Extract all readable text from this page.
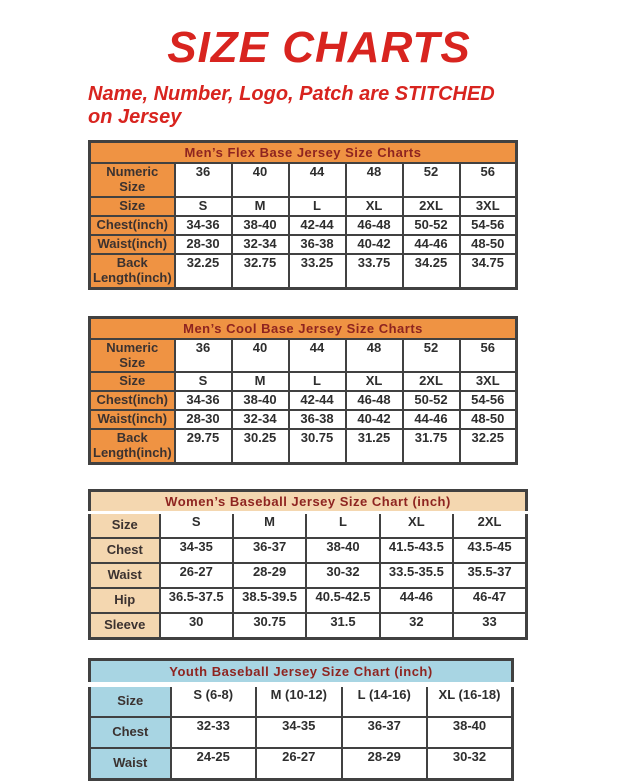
SIZE CHARTS
Name, Number, Logo, Patch are STITCHED
on Jersey
Men’s Flex Base Jersey Size Charts						
Numeric Size	36	40	44	48	52	56
Size	S	M	L	XL	2XL	3XL
Chest(inch)	34-36	38-40	42-44	46-48	50-52	54-56
Waist(inch)	28-30	32-34	36-38	40-42	44-46	48-50
Back Length(inch)	32.25	32.75	33.25	33.75	34.25	34.75
Men’s Cool Base Jersey Size Charts						
Numeric Size	36	40	44	48	52	56
Size	S	M	L	XL	2XL	3XL
Chest(inch)	34-36	38-40	42-44	46-48	50-52	54-56
Waist(inch)	28-30	32-34	36-38	40-42	44-46	48-50
Back Length(inch)	29.75	30.25	30.75	31.25	31.75	32.25
Women’s Baseball Jersey Size Chart (inch)					
Size	S	M	L	XL	2XL
Chest	34-35	36-37	38-40	41.5-43.5	43.5-45
Waist	26-27	28-29	30-32	33.5-35.5	35.5-37
Hip	36.5-37.5	38.5-39.5	40.5-42.5	44-46	46-47
Sleeve	30	30.75	31.5	32	33
Youth Baseball Jersey Size Chart (inch)				
Size	S (6-8)	M (10-12)	L (14-16)	XL (16-18)
Chest	32-33	34-35	36-37	38-40
Waist	24-25	26-27	28-29	30-32
